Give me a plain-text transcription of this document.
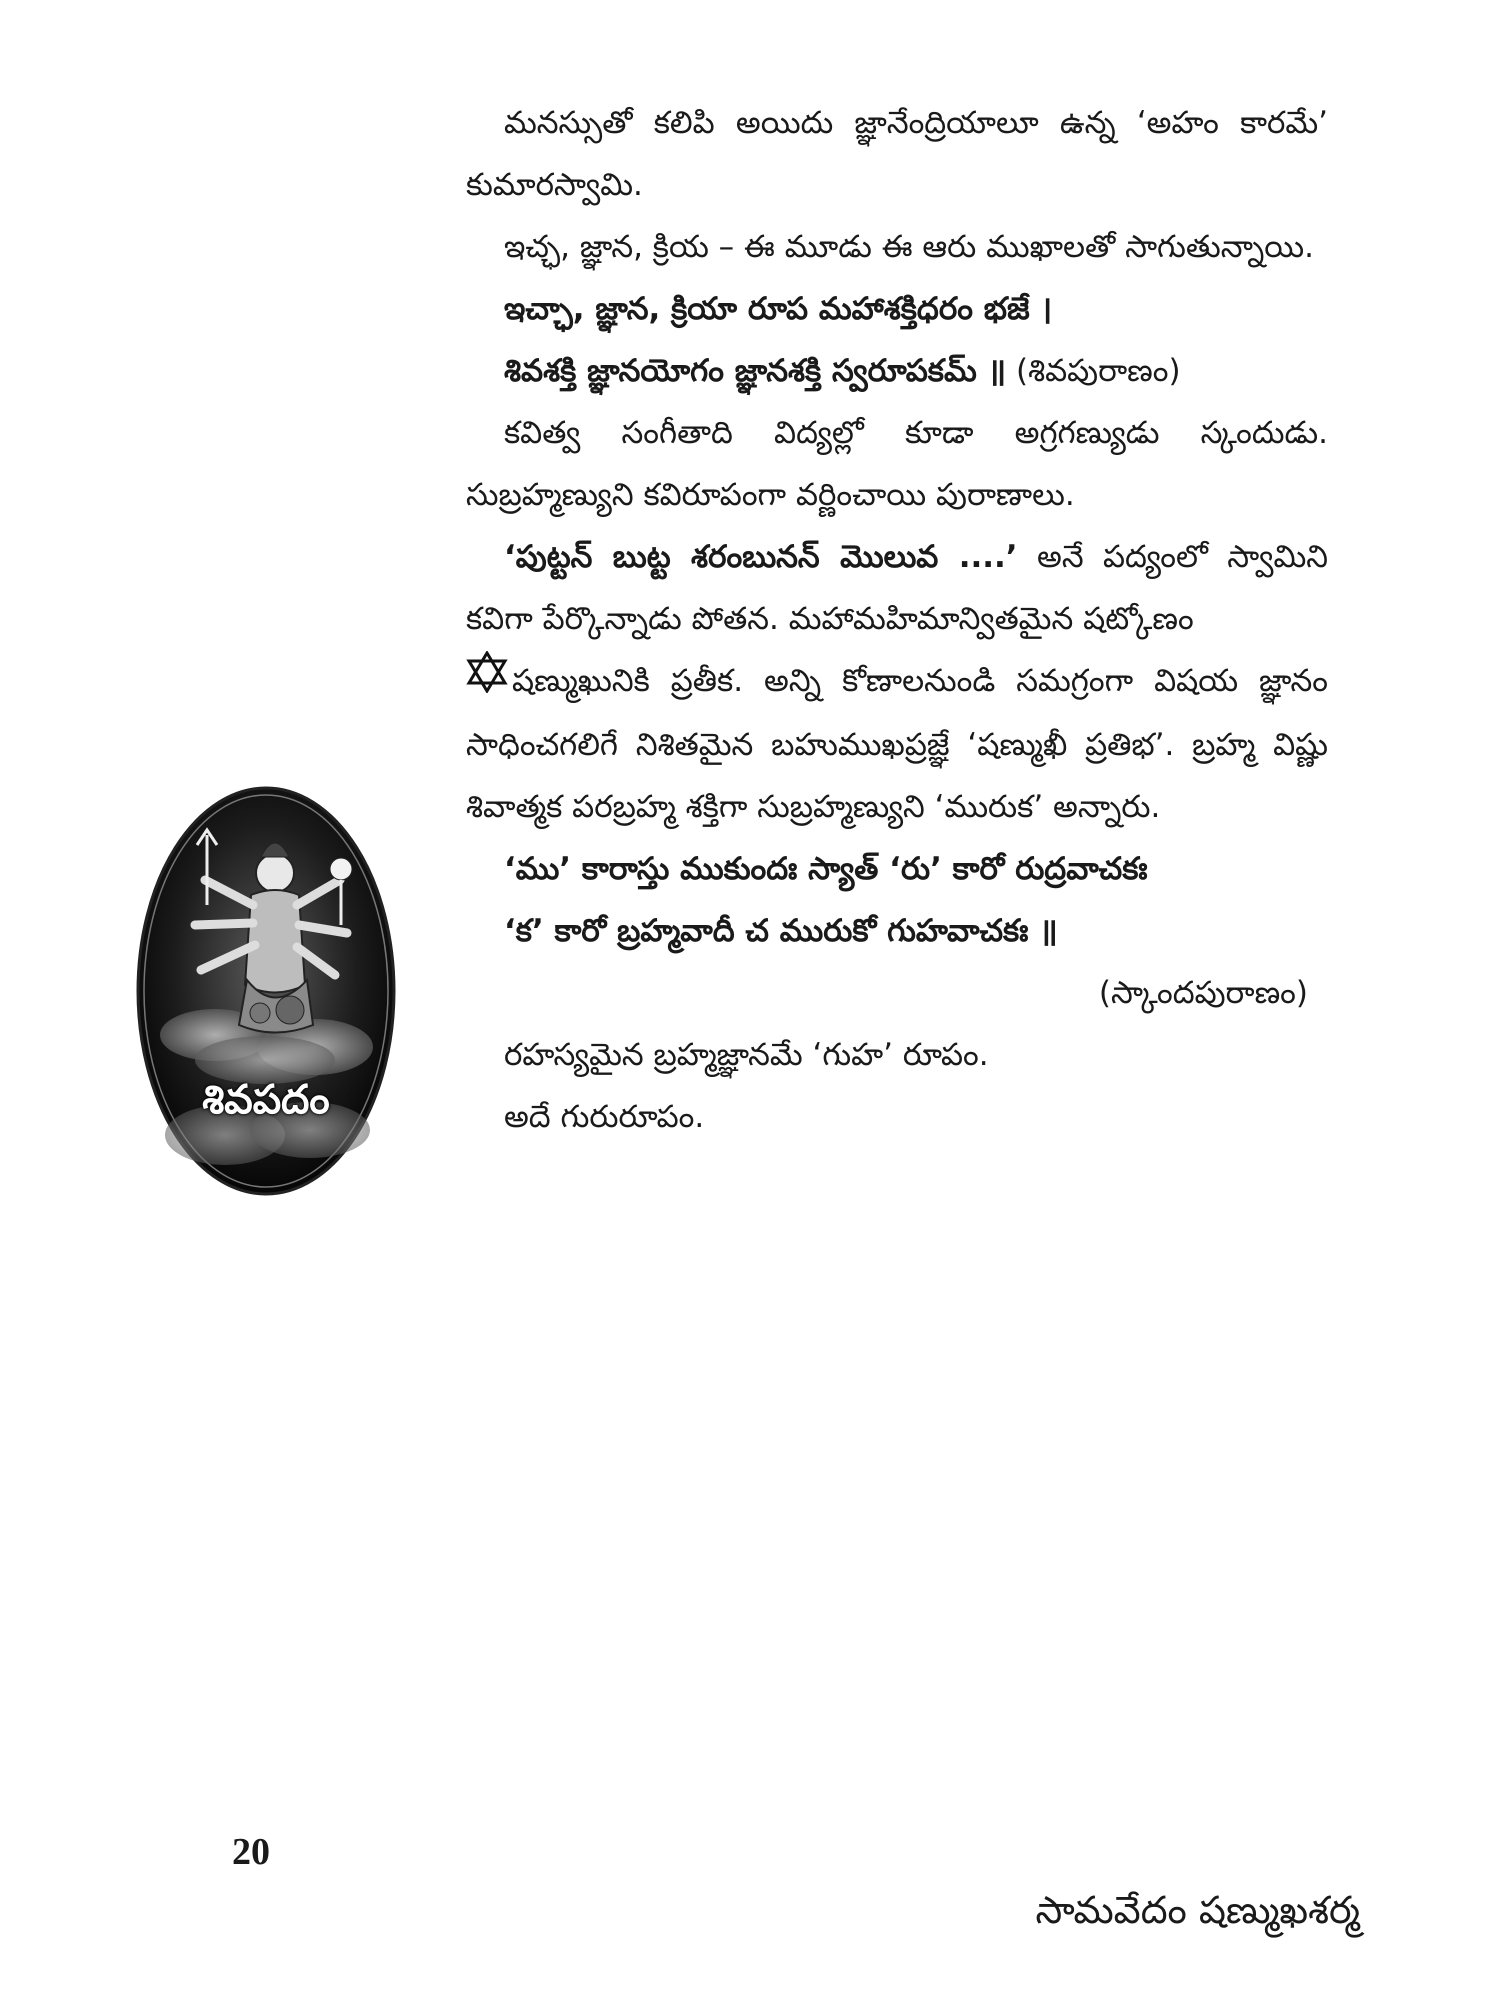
మనస్సుతో కలిపి అయిదు జ్ఞానేంద్రియాలూ ఉన్న ‘అహం కారమే’ కుమారస్వామి.

ఇచ్ఛ, జ్ఞాన, క్రియ – ఈ మూడు ఈ ఆరు ముఖాలతో సాగుతున్నాయి.

ఇచ్ఛా, జ్ఞాన, క్రియా రూప మహాశక్తిధరం భజే ।

శివశక్తి జ్ఞానయోగం జ్ఞానశక్తి స్వరూపకమ్ ॥ (శివపురాణం)

కవిత్వ సంగీతాది విద్యల్లో కూడా అగ్రగణ్యుడు స్కందుడు. సుబ్రహ్మణ్యుని కవిరూపంగా వర్ణించాయి పురాణాలు.

‘పుట్టన్ బుట్ట శరంబునన్ మొలువ ....’ అనే పద్యంలో స్వామిని కవిగా పేర్కొన్నాడు పోతన. మహామహిమాన్వితమైన షట్కోణం

షణ్ముఖునికి ప్రతీక. అన్ని కోణాలనుండి సమగ్రంగా విషయ జ్ఞానం సాధించగలిగే నిశితమైన బహుముఖప్రజ్ఞే ‘షణ్ముఖీ ప్రతిభ’. బ్రహ్మ విష్ణు శివాత్మక పరబ్రహ్మ శక్తిగా సుబ్రహ్మణ్యుని ‘మురుక’ అన్నారు.

‘ము’ కారాస్తు ముకుందః స్యాత్ ‘రు’ కారో రుద్రవాచకః

‘క’ కారో బ్రహ్మవాదీ చ మురుకో గుహవాచకః ॥

(స్కాందపురాణం)

రహస్యమైన బ్రహ్మజ్ఞానమే ‘గుహ’ రూపం.

అదే గురురూపం.

శివపదం
20
సామవేదం షణ్ముఖశర్మ
